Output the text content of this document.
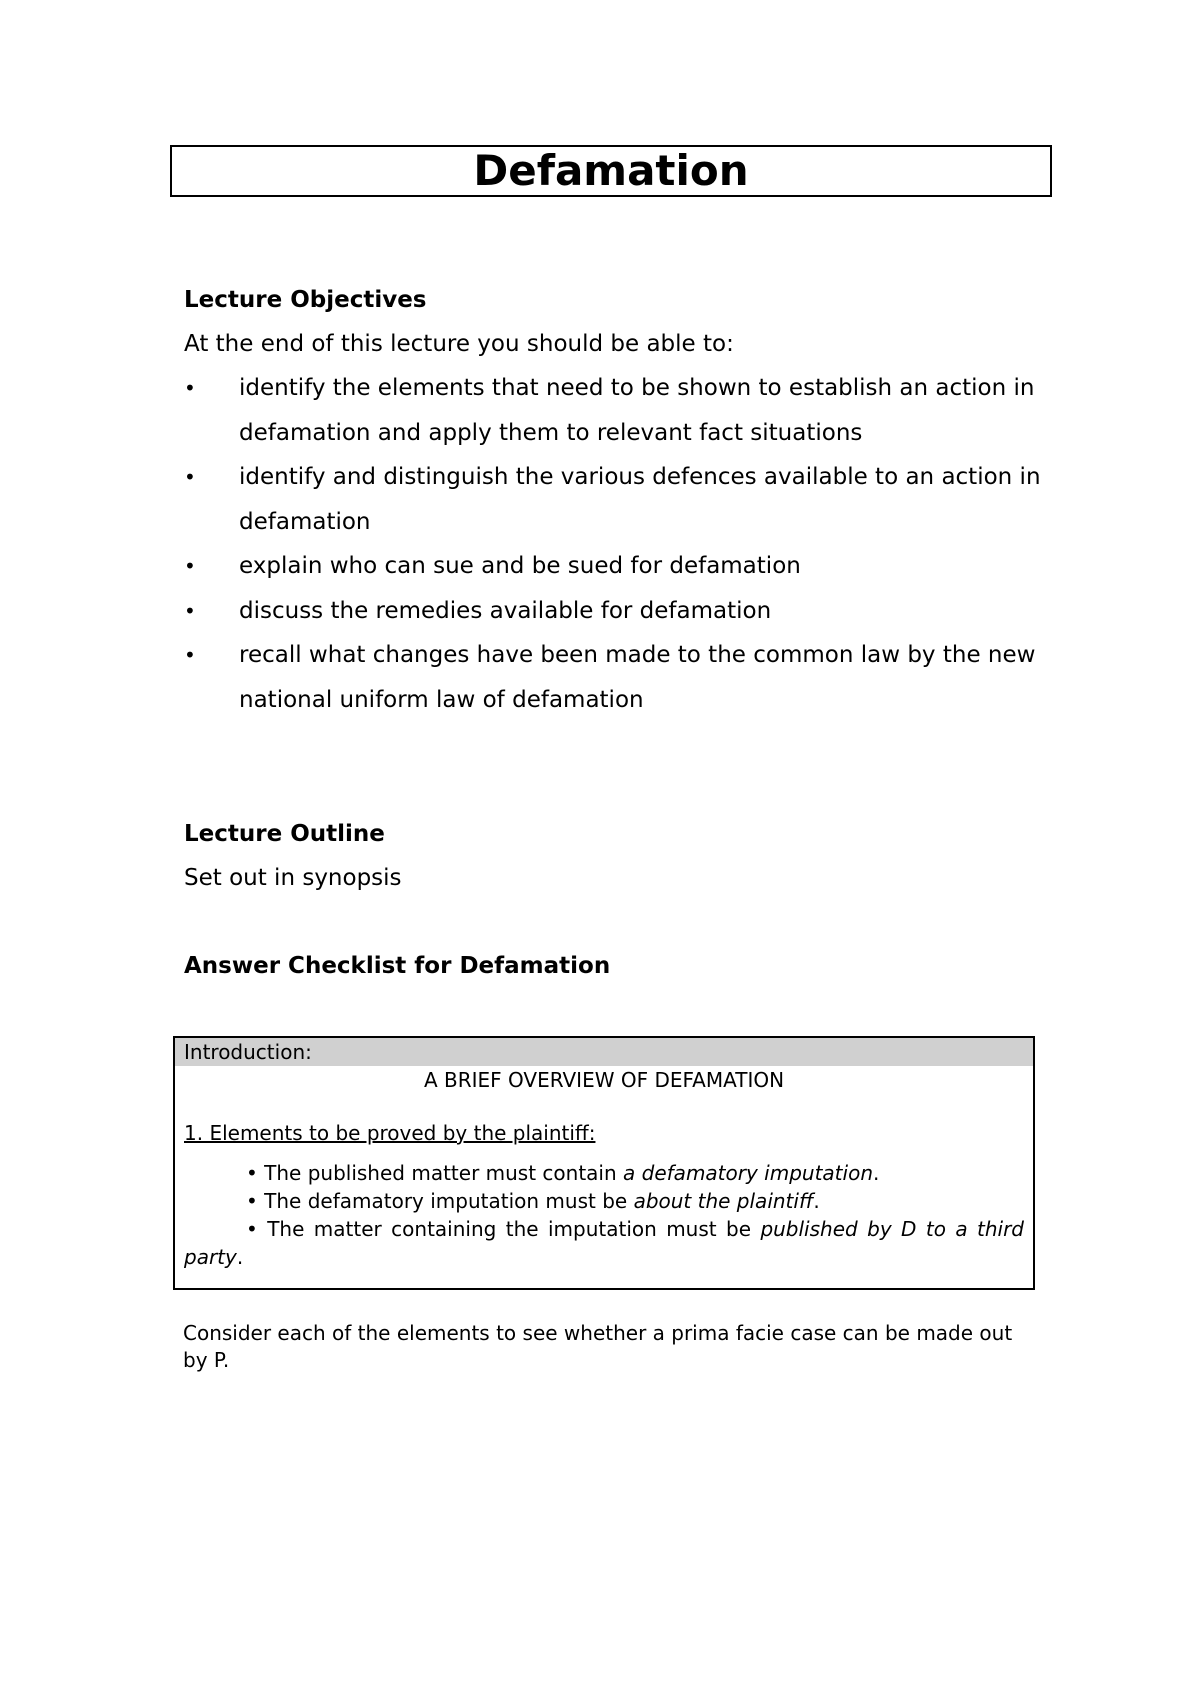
Defamation

Lecture Objectives

At the end of this lecture you should be able to:

• identify the elements that need to be shown to establish an action in defamation and apply them to relevant fact situations
• identify and distinguish the various defences available to an action in defamation
• explain who can sue and be sued for defamation
• discuss the remedies available for defamation
• recall what changes have been made to the common law by the new national uniform law of defamation

Lecture Outline

Set out in synopsis

Answer Checklist for Defamation

Introduction:
A BRIEF OVERVIEW OF DEFAMATION
1. Elements to be proved by the plaintiff:
• The published matter must contain a defamatory imputation.
• The defamatory imputation must be about the plaintiff.
• The matter containing the imputation must be published by D to a third party.
Consider each of the elements to see whether a prima facie case can be made out by P.
